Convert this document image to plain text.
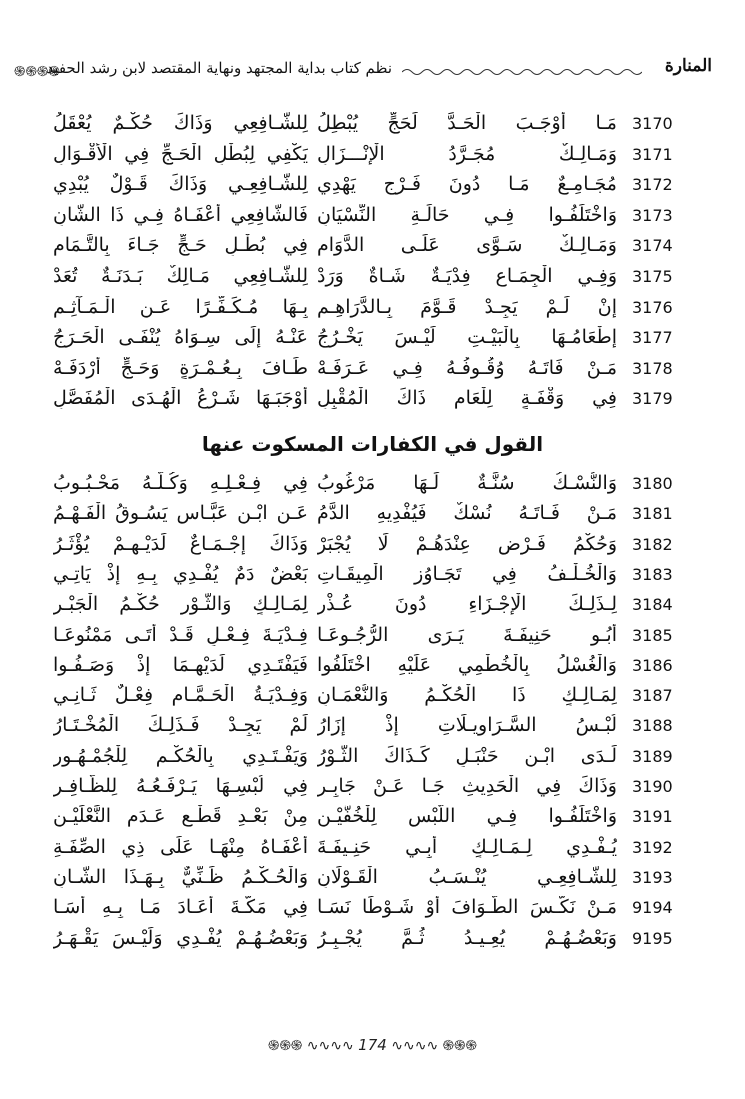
֍֍֍֍
نظم كتاب بداية المجتهد ونهاية المقتصد لابن رشد الحفيد	المنارة
3170
مَـا أَوْجَـبَ الْحَـدَّ لَحَجٍّ يُبْطِلُ
لِلشَّـافِعِي وَذَاكَ حُكْـمٌ يُعْقَلُ
3171
وَمَـالِـكٌ مُجَـرَّدُ الْإِنْـــزَالِ
يَكْفِي لِبُطْلِ الْحَـجِّ فِي الْأَقْـوَالِ
3172
مُجَـامِـعٌ مَـا دُونَ فَـرْجٍ يَهْدِي
لِلشَّـافِعِـي وَذَاكَ قَـوْلٌ يُبْدِي
3173
وَاخْتَلَفُـوا فِـي حَالَـةِ النِّسْيَانِ
فَالشَّافِعِي أَعْفَـاهُ فِـي ذَا الشَّانِ
3174
وَمَـالِـكٌ سَـوَّى عَلَـى الدَّوَامِ
فِي بُطْـلِ حَـجٍّ جَـاءَ بِالتَّـمَامِ
3175
وَفِـي الْجِمَـاعِ فِدْيَـةٌ شَـاةٌ وَرَدْ
لِلشَّـافِعِي مَـالِكٌ بَـدَنَـةٌ تُعَدْ
3176
إِنْ لَـمْ يَجِـدْ قَـوَّمَ بِـالدَّرَاهِـمِ
بِـهَا مُـكَـفِّـرًا عَـنِ الْـمَـآثِـمِ
3177
إِطْعَامُـهَا بِالْبَيْـتِ لَيْـسَ يَخْـرُجُ
عَنْـهُ إِلَى سِـوَاهُ يُنْفَـى الْحَـرَجُ
3178
مَـنْ فَاتَـهُ وُقُـوفُـهُ فِـي عَـرَفَـهْ
طَـافَ بِـعُـمْـرَةٍ وَحَـجٍّ أَرْدَفَـهْ
3179
فِي وَقْفَـةٍ لِلْعَامِ ذَاكَ الْمُقْبِلِ
أَوْجَبَـهَا شَـرْعُ الْهُـدَى الْمُفَصَّلِ
القول في الكفارات المسكوت عنها
3180
وَالنُّسْـكُ سُنَّـةٌ لَـهَا مَرْغُوبُ
فِي فِـعْـلِـهِ وَكُـلُّـهُ مَحْـبُـوبُ
3181
مَـنْ فَـاتَـهُ نُسْكٌ فَيُفْدِيهِ الدَّمُ
عَـنِ ابْـنِ عَبَّـاسٍ يَسُـوقُ الْفَـهْـمُ
3182
وَحُكْمُ فَـرْضٍ عِنْدَهُـمْ لَا يُجْبَرْ
وَذَاكَ إِجْـمَـاعٌ لَدَيْـهِـمْ يُؤْثَـرُ
3183
وَالْخُـلْـفُ فِي تَجَـاوُزِ الْمِيقَـاتِ
بَعْضٌ دَمٌ يُفْـدِي بِـهِ إِذْ يَاتِـي
3184
لِـذَلِـكَ الْإِجْـزَاءِ دُونَ عُـذْرِ
لِمَـالِـكٍ وَالثَّـوْرِ حُكْـمُ الْجَبْـرِ
3185
أَبُـو حَنِيفَـةَ يَـرَى الرُّجُـوعَـا
فِـدْيَـةَ فِـعْـلٍ قَـدْ أَتَـى مَمْنُوعَـا
3186
وَالْغُسْلُ بِالْخُطْمِي عَلَيْهِ اخْتَلَفُوا
فَيَفْتَـدِي لَدَيْهِـمَا إِذْ وَصَـفُـوا
3187
لِمَـالِـكٍ ذَا الْحُكْـمُ وَالنُّعْمَـانِ
وَفِـدْيَـةُ الْحَـمَّـامِ فِعْـلٌ ثَـانِـي
3188
لُبْـسُ السَّـرَاوِيـلَاتِ إِذْ إِزَارُ
لَمْ يَجِـدْ فَـذَلِـكَ الْمُخْـتَـارُ
3189
لَـدَى ابْـنِ حَنْبَـلٍ كَـذَاكَ الثَّـوْرُ
وَيَفْـتَـدِي بِالْحُكْـمِ لِلْجُمْـهُـورِ
3190
وَذَاكَ فِي الْحَدِيثِ جَـا عَـنْ جَابِـرِ
فِي لُبْسِـهَا يَـرْفَـعُـهُ لِلظَّـافِـرِ
3191
وَاخْتَلَفُـوا فِـي اللُّبْسِ لِلْخُفَّيْـنِ
مِنْ بَعْـدِ قَطْـعٍ عَـدَمِ النَّعْلَيْـنِ
3192
يُـفْـدِي لِـمَـالِـكٍ أَبِـي حَنِـيفَـةَ
أَعْفَـاهُ مِنْهَـا عَلَى ذِي الصِّفَـةِ
3193
لِلشَّـافِعِـي يُنْـسَـبُ الْقَـوْلَانِ
وَالْحُـكْـمُ ظَـنِّيٌّ بِـهَـذَا الشَّـانِ
9194
مَـنْ نَكَّـسَ الطَّـوَافَ أَوْ شَـوْطًا نَسَـا
فِي مَكَّـةَ أَعَـادَ مَـا بِـهِ أَسَـا
9195
وَبَعْضُـهُـمْ يُعِـيـدُ ثُـمَّ يُجْـبِـرُ
وَبَعْضُـهُـمْ يُفْـدِي وَلَيْـسَ يَقْـهَـرُ
֍֍֍ ∿∿∿∿ 174 ∿∿∿∿ ֍֍֍
